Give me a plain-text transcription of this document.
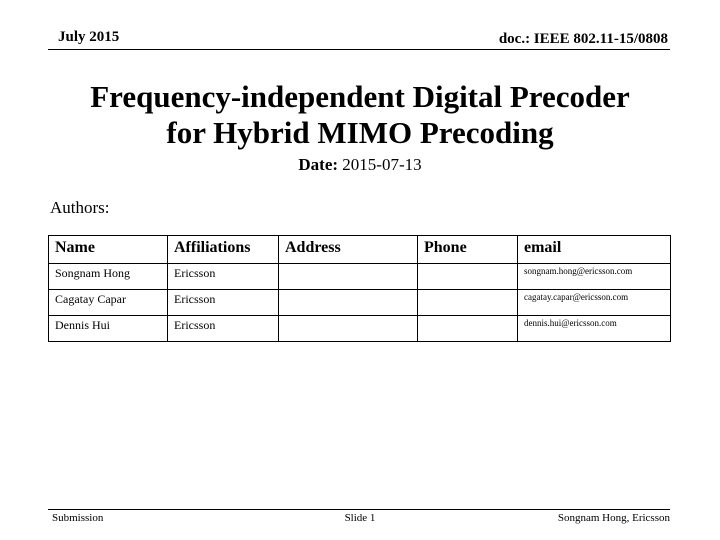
July 2015	doc.: IEEE 802.11-15/0808
Frequency-independent Digital Precoder
for Hybrid MIMO Precoding
Date: 2015-07-13
Authors:
Name	Affiliations	Address	Phone	email
Songnam Hong	Ericsson			songnam.hong@ericsson.com
Cagatay Capar	Ericsson			cagatay.capar@ericsson.com
Dennis Hui	Ericsson			dennis.hui@ericsson.com
Submission	Slide 1	Songnam Hong, Ericsson
